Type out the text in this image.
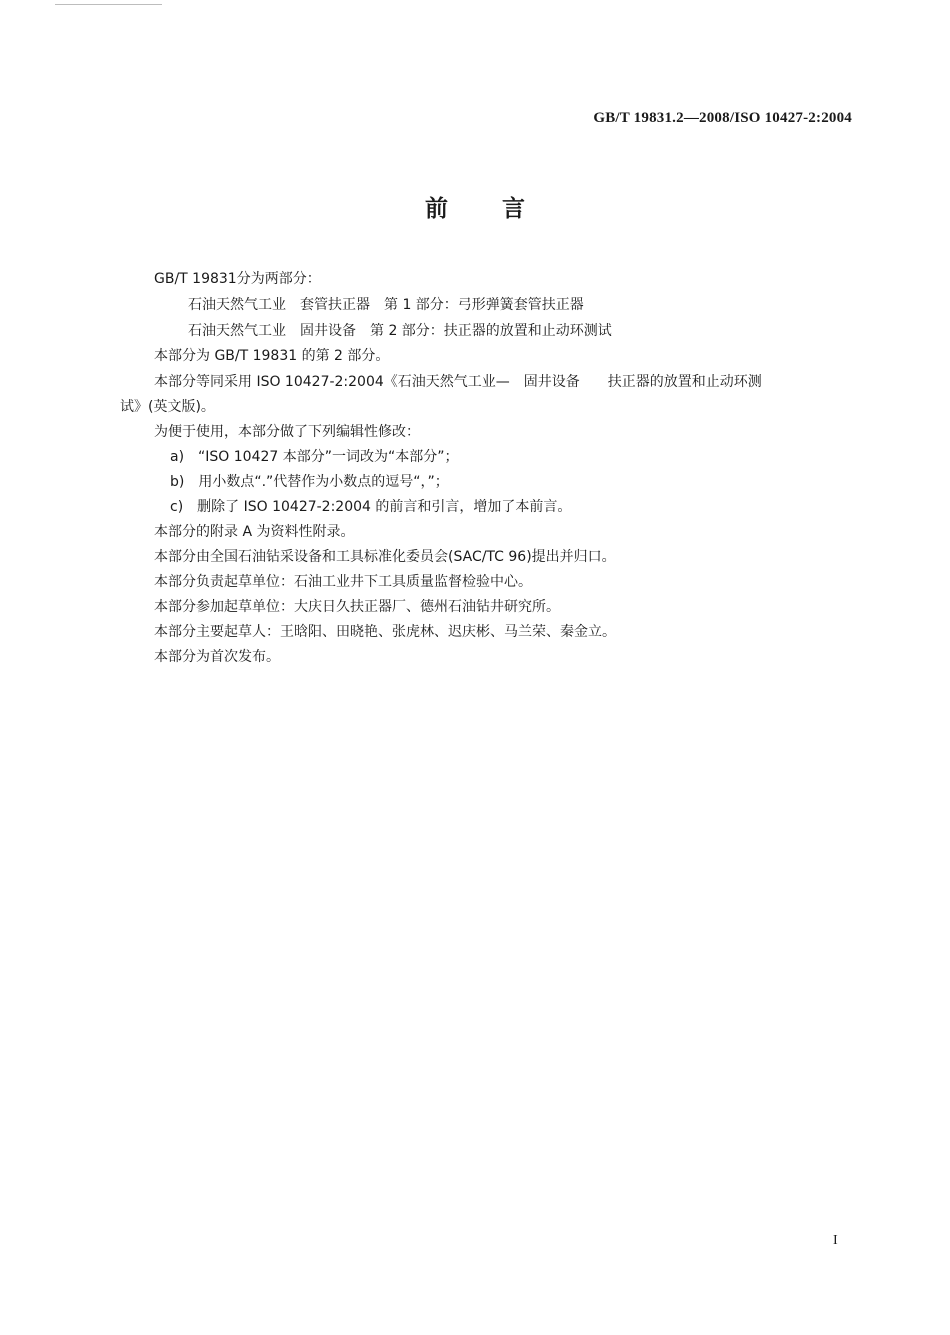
GB/T 19831.2—2008/ISO 10427-2:2004
前言
GB/T 19831分为两部分：
石油天然气工业　套管扶正器　第 1 部分：弓形弹簧套管扶正器
石油天然气工业　固井设备　第 2 部分：扶正器的放置和止动环测试
本部分为 GB/T 19831 的第 2 部分。
本部分等同采用 ISO 10427-2:2004《石油天然气工业—　固井设备　　扶正器的放置和止动环测
试》(英文版)。
为便于使用，本部分做了下列编辑性修改：
a)　“ISO 10427 本部分”一词改为“本部分”；
b)　用小数点“.”代替作为小数点的逗号“，”；
c)　删除了 ISO 10427-2:2004 的前言和引言，增加了本前言。
本部分的附录 A 为资料性附录。
本部分由全国石油钻采设备和工具标准化委员会(SAC/TC 96)提出并归口。
本部分负责起草单位：石油工业井下工具质量监督检验中心。
本部分参加起草单位：大庆日久扶正器厂、德州石油钻井研究所。
本部分主要起草人：王晗阳、田晓艳、张虎林、迟庆彬、马兰荣、秦金立。
本部分为首次发布。
I
